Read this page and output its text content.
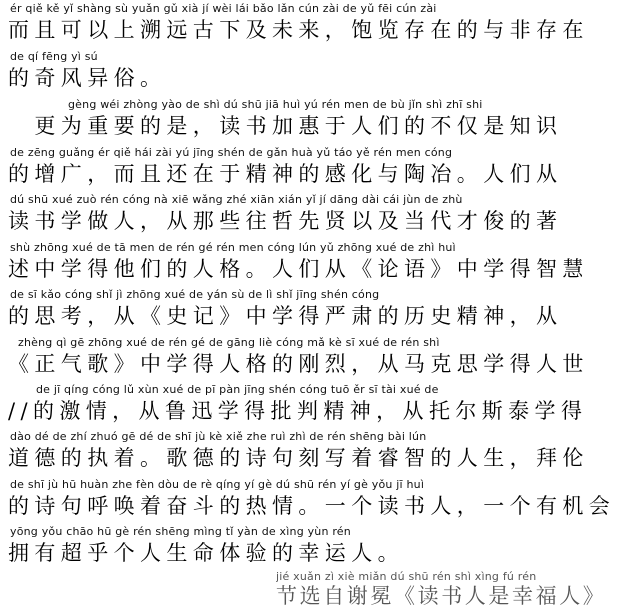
ér qiě kě yǐ shàng sù yuǎn gǔ xià jí wèi lái bǎo lǎn cún zài de yǔ fēi cún zài
而且可以上溯远古下及未来，饱览存在的与非存在
de qí fēng yì sú
的奇风异俗。
gèng wéi zhòng yào de shì dú shū jiā huì yú rén men de bù jǐn shì zhī shi
　更为重要的是，读书加惠于人们的不仅是知识
de zēng guǎng ér qiě hái zài yú jīng shén de gǎn huà yǔ táo yě rén men cóng
的增广，而且还在于精神的感化与陶冶。人们从
dú shū xué zuò rén cóng nà xiē wǎng zhé xiān xián yǐ jí dāng dài cái jùn de zhù
读书学做人，从那些往哲先贤以及当代才俊的著
shù zhōng xué de tā men de rén gé rén men cóng lún yǔ zhōng xué de zhì huì
述中学得他们的人格。人们从《论语》中学得智慧
de sī kǎo cóng shǐ jì zhōng xué de yán sù de lì shǐ jīng shén cóng
的思考，从《史记》中学得严肃的历史精神，从
zhèng qì gē zhōng xué de rén gé de gāng liè cóng mǎ kè sī xué de rén shì
《正气歌》中学得人格的刚烈，从马克思学得人世
de jī qíng cóng lǔ xùn xué de pī pàn jīng shén cóng tuō ěr sī tài xué de
//的激情，从鲁迅学得批判精神，从托尔斯泰学得
dào dé de zhí zhuó gē dé de shī jù kè xiě zhe ruì zhì de rén shēng bài lún
道德的执着。歌德的诗句刻写着睿智的人生，拜伦
de shī jù hū huàn zhe fèn dòu de rè qíng yí gè dú shū rén yí gè yǒu jī huì
的诗句呼唤着奋斗的热情。一个读书人，一个有机会
yōng yǒu chāo hū gè rén shēng mìng tǐ yàn de xìng yùn rén
拥有超乎个人生命体验的幸运人。
jié xuǎn zì xiè miǎn dú shū rén shì xìng fú rén
节选自谢冕《读书人是幸福人》
